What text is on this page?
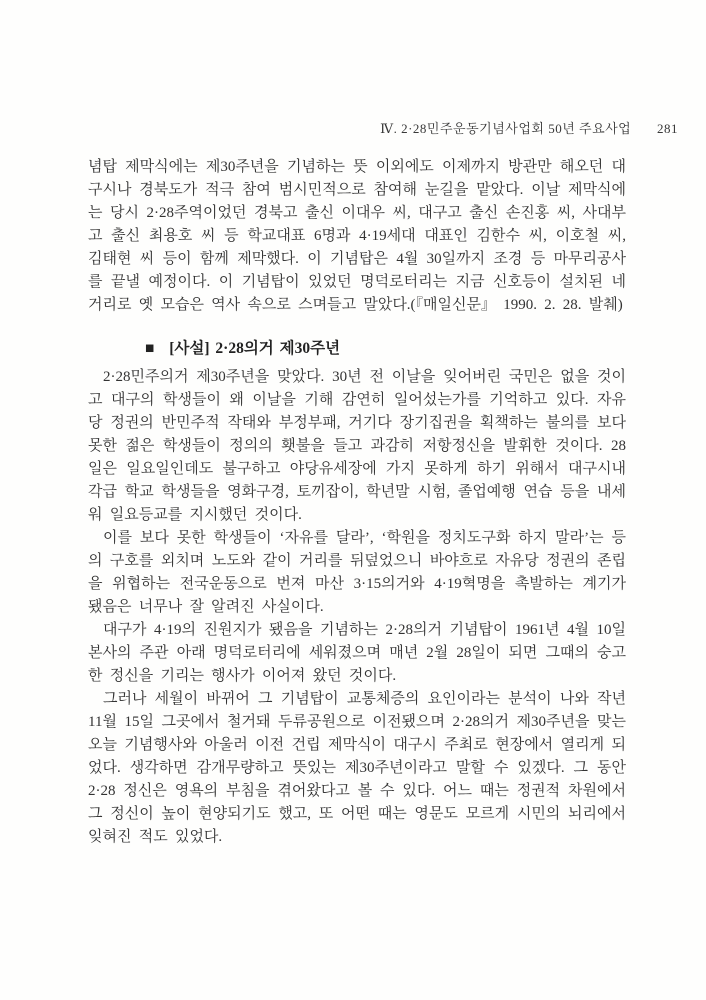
Ⅳ. 2·28민주운동기념사업회 50년 주요사업 281

념탑 제막식에는 제30주년을 기념하는 뜻 이외에도 이제까지 방관만 해오던 대구시나 경북도가 적극 참여 범시민적으로 참여해 눈길을 맡았다. 이날 제막식에는 당시 2·28주역이었던 경북고 출신 이대우 씨, 대구고 출신 손진홍 씨, 사대부고 출신 최용호 씨 등 학교대표 6명과 4·19세대 대표인 김한수 씨, 이호철 씨, 김태현 씨 등이 함께 제막했다. 이 기념탑은 4월 30일까지 조경 등 마무리공사를 끝낼 예정이다. 이 기념탑이 있었던 명덕로터리는 지금 신호등이 설치된 네거리로 옛 모습은 역사 속으로 스며들고 말았다.(『매일신문』 1990. 2. 28. 발췌)

■ [사설] 2·28의거 제30주년

2·28민주의거 제30주년을 맞았다. 30년 전 이날을 잊어버린 국민은 없을 것이고 대구의 학생들이 왜 이날을 기해 감연히 일어섰는가를 기억하고 있다. 자유당 정권의 반민주적 작태와 부정부패, 거기다 장기집권을 획책하는 불의를 보다 못한 젊은 학생들이 정의의 횃불을 들고 과감히 저항정신을 발휘한 것이다. 28일은 일요일인데도 불구하고 야당유세장에 가지 못하게 하기 위해서 대구시내 각급 학교 학생들을 영화구경, 토끼잡이, 학년말 시험, 졸업예행 연습 등을 내세워 일요등교를 지시했던 것이다.

이를 보다 못한 학생들이 ‘자유를 달라’, ‘학원을 정치도구화 하지 말라’는 등의 구호를 외치며 노도와 같이 거리를 뒤덮었으니 바야흐로 자유당 정권의 존립을 위협하는 전국운동으로 번져 마산 3·15의거와 4·19혁명을 촉발하는 계기가 됐음은 너무나 잘 알려진 사실이다.

대구가 4·19의 진원지가 됐음을 기념하는 2·28의거 기념탑이 1961년 4월 10일 본사의 주관 아래 명덕로터리에 세워졌으며 매년 2월 28일이 되면 그때의 숭고한 정신을 기리는 행사가 이어져 왔던 것이다.

그러나 세월이 바뀌어 그 기념탑이 교통체증의 요인이라는 분석이 나와 작년 11월 15일 그곳에서 철거돼 두류공원으로 이전됐으며 2·28의거 제30주년을 맞는 오늘 기념행사와 아울러 이전 건립 제막식이 대구시 주최로 현장에서 열리게 되었다. 생각하면 감개무량하고 뜻있는 제30주년이라고 말할 수 있겠다. 그 동안 2·28 정신은 영욕의 부침을 겪어왔다고 볼 수 있다. 어느 때는 정권적 차원에서 그 정신이 높이 현양되기도 했고, 또 어떤 때는 영문도 모르게 시민의 뇌리에서 잊혀진 적도 있었다.
